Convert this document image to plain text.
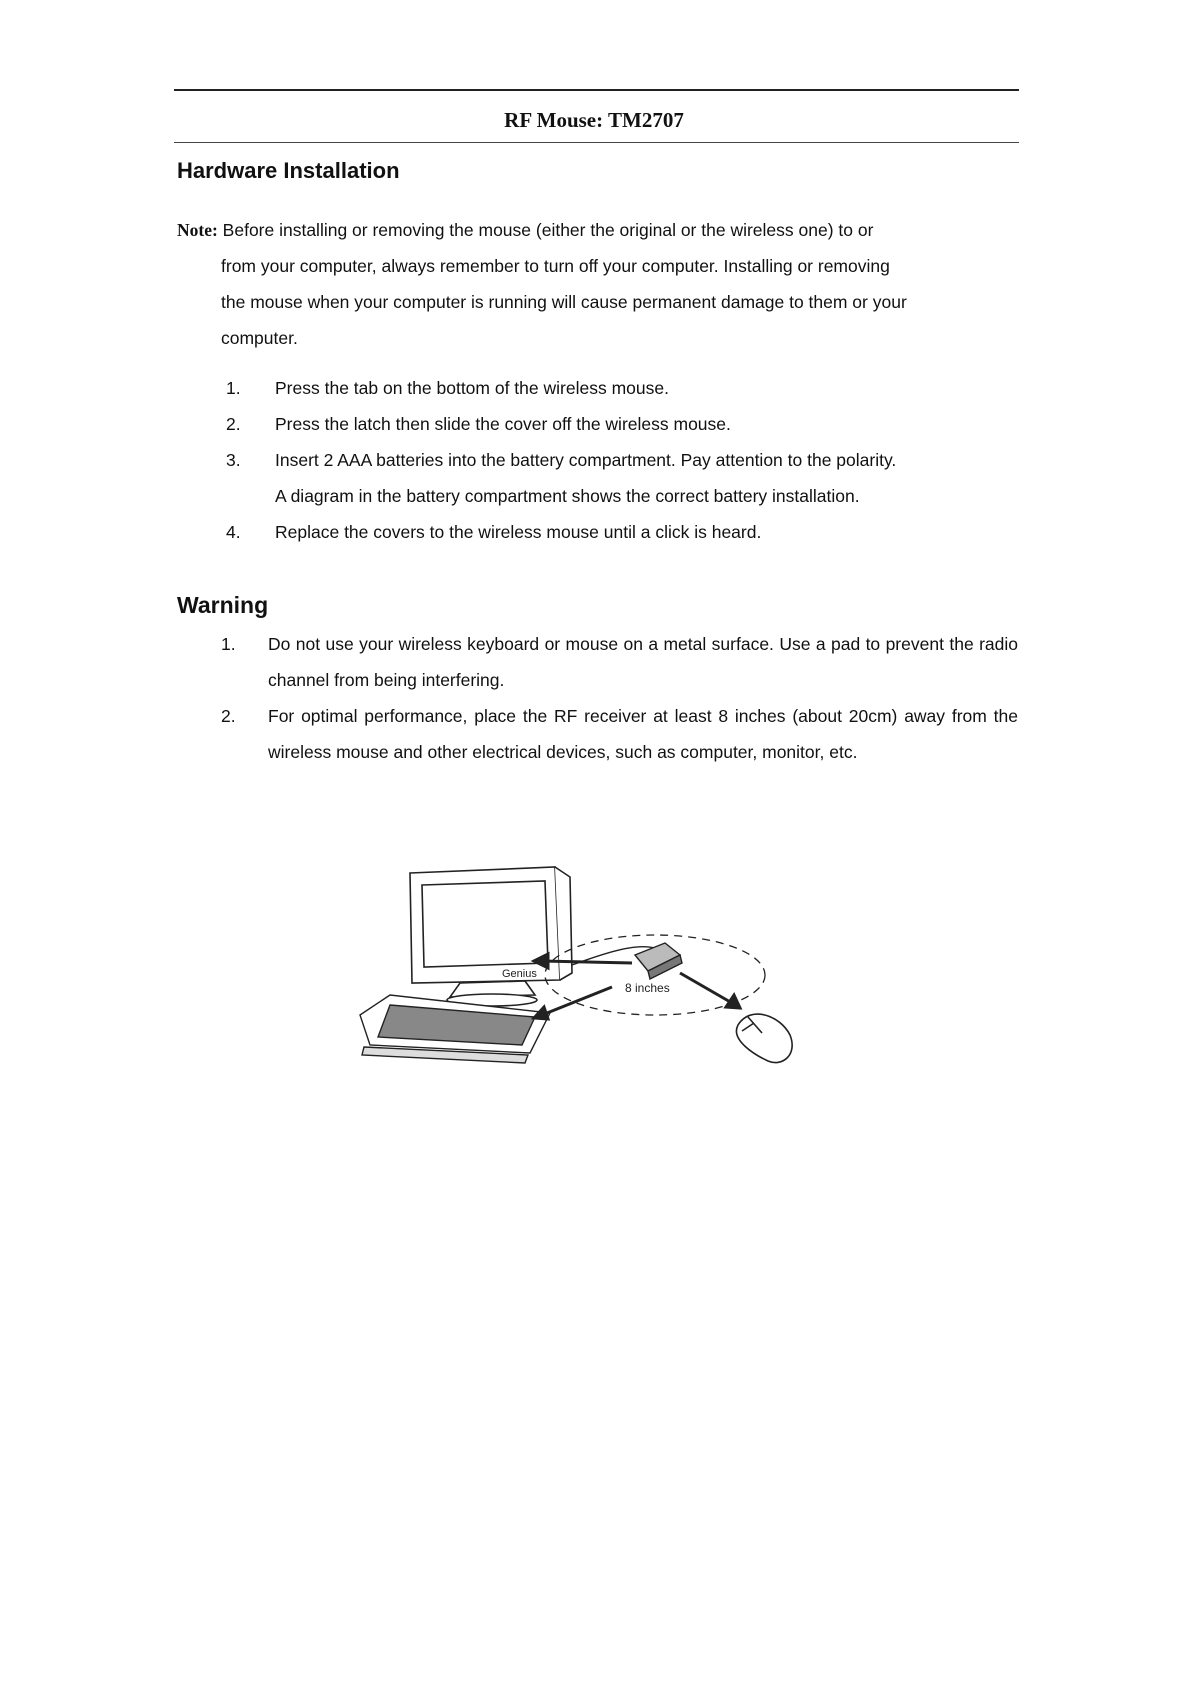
RF Mouse: TM2707
Hardware Installation
Note: Before installing or removing the mouse (either the original or the wireless one) to or
from your computer, always remember to turn off your computer. Installing or removing
the mouse when your computer is running will cause permanent damage to them or your
computer.
1. Press the tab on the bottom of the wireless mouse.
2. Press the latch then slide the cover off the wireless mouse.
3. Insert 2 AAA batteries into the battery compartment. Pay attention to the polarity.
A diagram in the battery compartment shows the correct battery installation.
4. Replace the covers to the wireless mouse until a click is heard.
Warning
1. Do not use your wireless keyboard or mouse on a metal surface. Use a pad to prevent the radio channel from being interfering.
2. For optimal performance, place the RF receiver at least 8 inches (about 20cm) away from the wireless mouse and other electrical devices, such as computer, monitor, etc.
Genius
8 inches
